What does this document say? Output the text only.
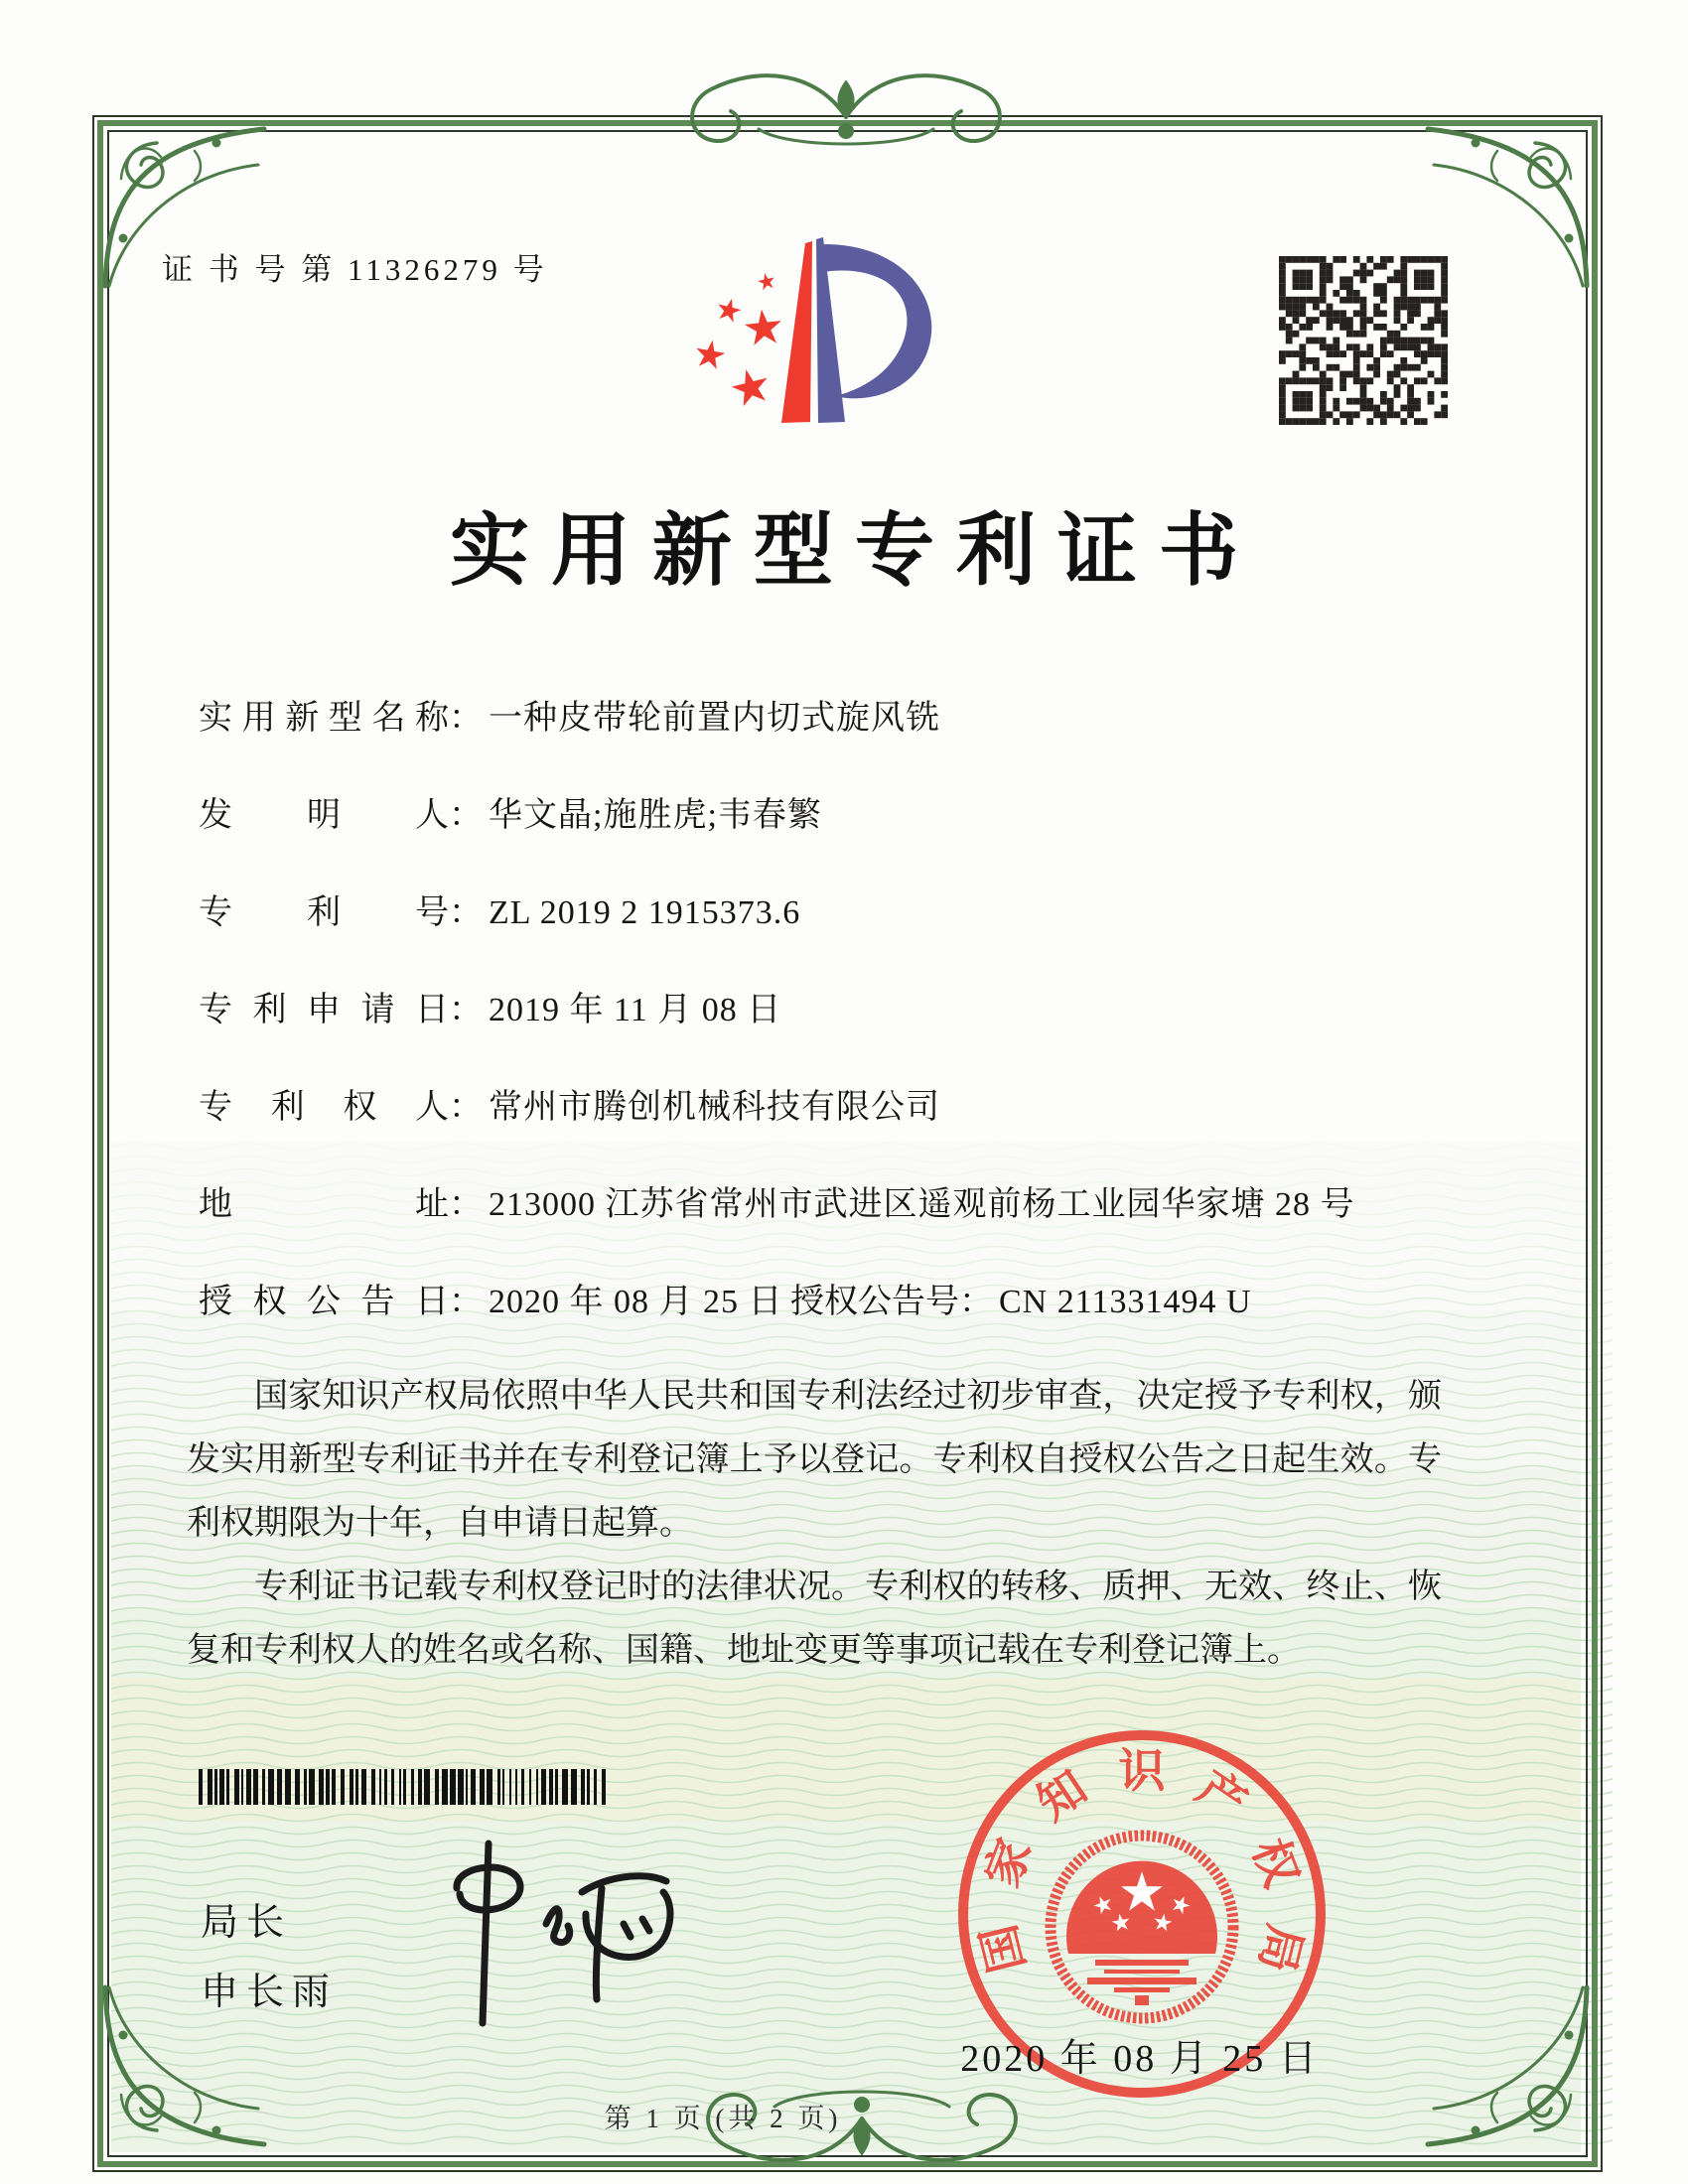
证 书 号 第 11326279 号
实用新型专利证书
实用新型名称： 一种皮带轮前置内切式旋风铣
发明人： 华文晶;施胜虎;韦春繁
专利号： ZL 2019 2 1915373.6
专利申请日： 2019 年 11 月 08 日
专利权人： 常州市腾创机械科技有限公司
地址： 213000 江苏省常州市武进区遥观前杨工业园华家塘 28 号
授权公告日： 2020 年 08 月 25 日 授权公告号： CN 211331494 U

国家知识产权局依照中华人民共和国专利法经过初步审查，决定授予专利权，颁发实用新型专利证书并在专利登记簿上予以登记。专利权自授权公告之日起生效。专利权期限为十年，自申请日起算。

专利证书记载专利权登记时的法律状况。专利权的转移、质押、无效、终止、恢复和专利权人的姓名或名称、国籍、地址变更等事项记载在专利登记簿上。

局长
申长雨
国
家
知 识 产
权
局
2020 年 08 月 25 日
第 1 页 (共 2 页)
